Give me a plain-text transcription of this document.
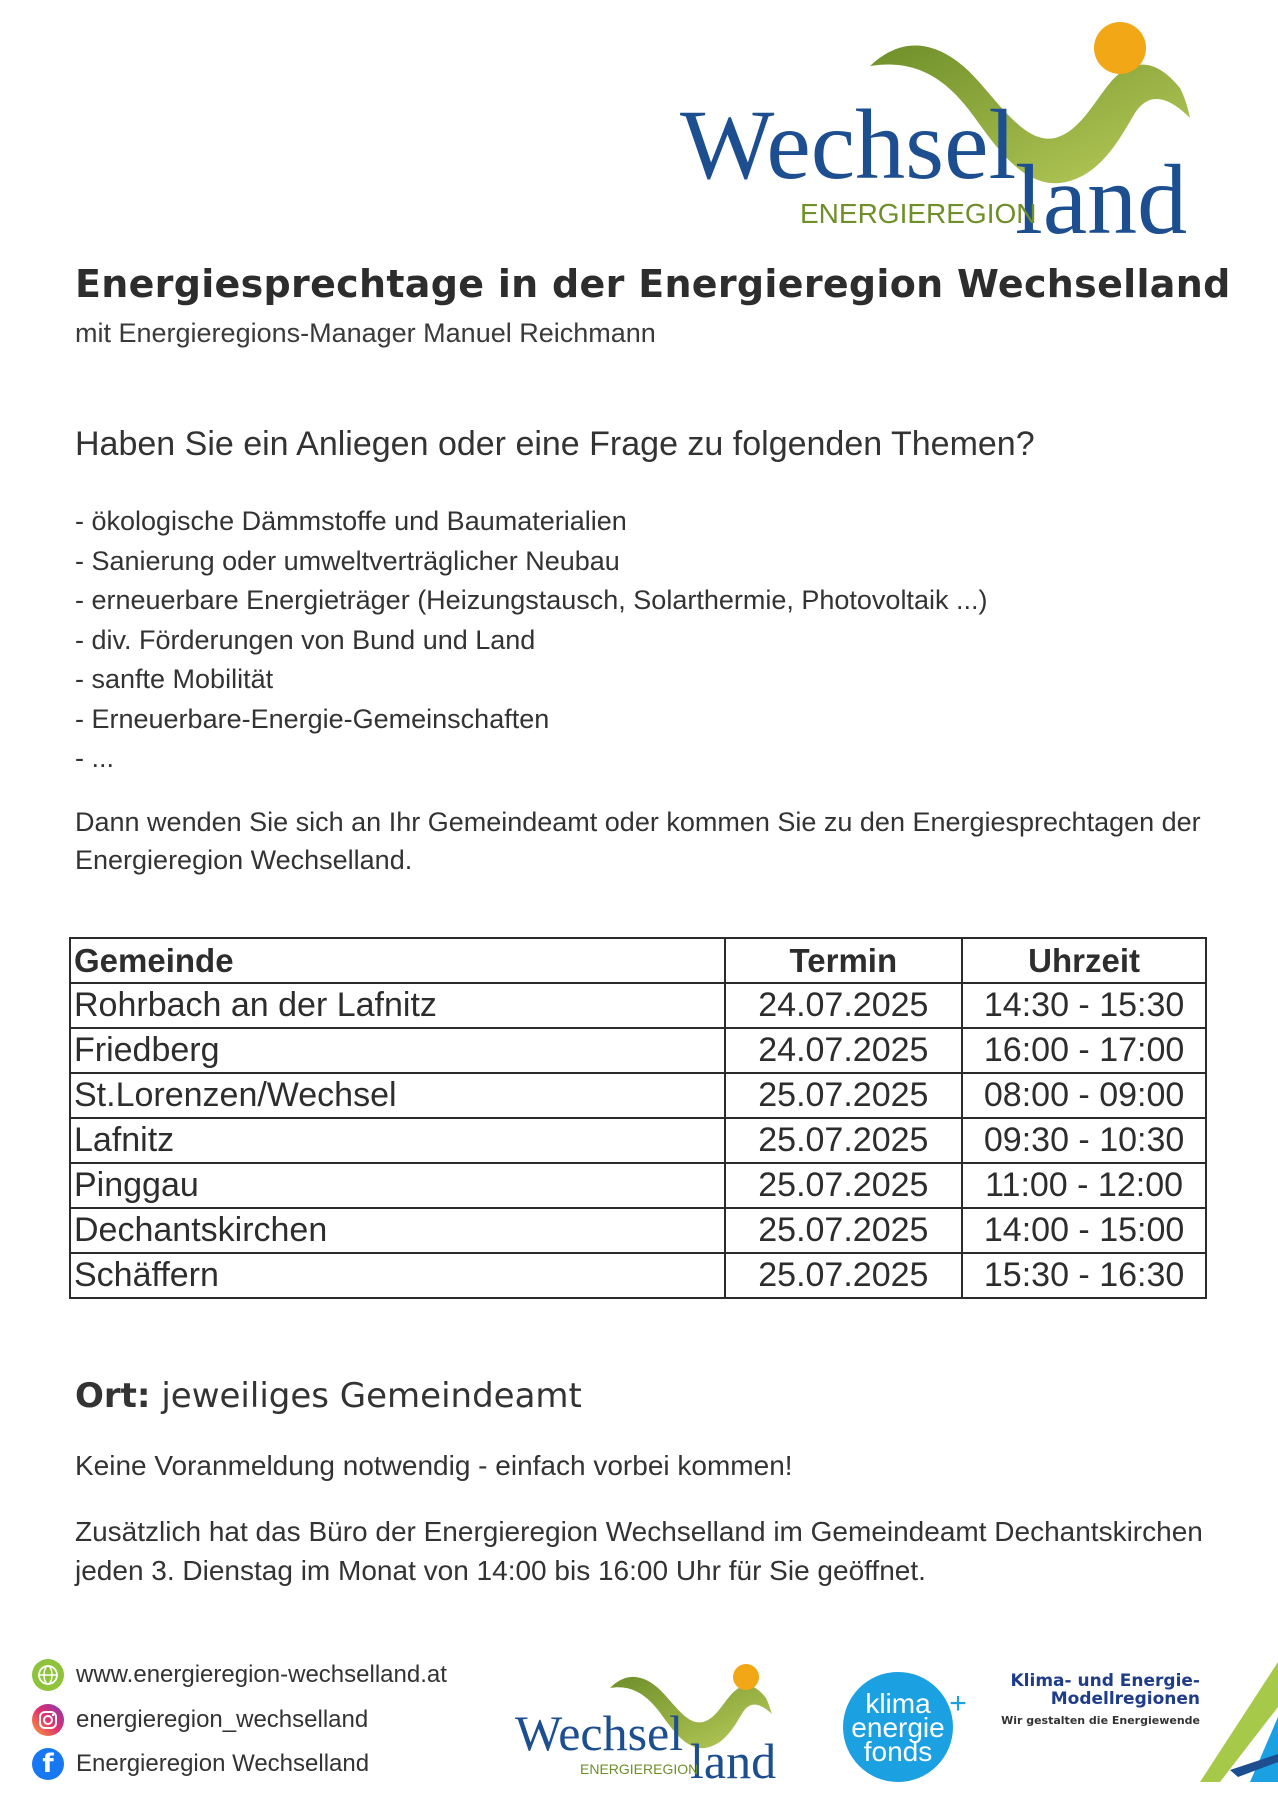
Wechsel
land
ENERGIEREGION
Energiesprechtage in der Energieregion Wechselland
mit Energieregions-Manager Manuel Reichmann
Haben Sie ein Anliegen oder eine Frage zu folgenden Themen?
- ökologische Dämmstoffe und Baumaterialien
- Sanierung oder umweltverträglicher Neubau
- erneuerbare Energieträger (Heizungstausch, Solarthermie, Photovoltaik ...)
- div. Förderungen von Bund und Land
- sanfte Mobilität
- Erneuerbare-Energie-Gemeinschaften
- ...
Dann wenden Sie sich an Ihr Gemeindeamt oder kommen Sie zu den Energiesprechtagen der Energieregion Wechselland.
Gemeinde	Termin	Uhrzeit
Rohrbach an der Lafnitz	24.07.2025	14:30 - 15:30
Friedberg	24.07.2025	16:00 - 17:00
St.Lorenzen/Wechsel	25.07.2025	08:00 - 09:00
Lafnitz	25.07.2025	09:30 - 10:30
Pinggau	25.07.2025	11:00 - 12:00
Dechantskirchen	25.07.2025	14:00 - 15:00
Schäffern	25.07.2025	15:30 - 16:30
Ort: jeweiliges Gemeindeamt
Keine Voranmeldung notwendig - einfach vorbei kommen!
Zusätzlich hat das Büro der Energieregion Wechselland im Gemeindeamt Dechantskirchen jeden 3. Dienstag im Monat von 14:00 bis 16:00 Uhr für Sie geöffnet.
www.energieregion-wechselland.at
energieregion_wechselland
f Energieregion Wechselland
Wechsel land
ENERGIEREGION
klima
energie
fonds
+
Klima- und Energie-
Modellregionen
Wir gestalten die Energiewende
